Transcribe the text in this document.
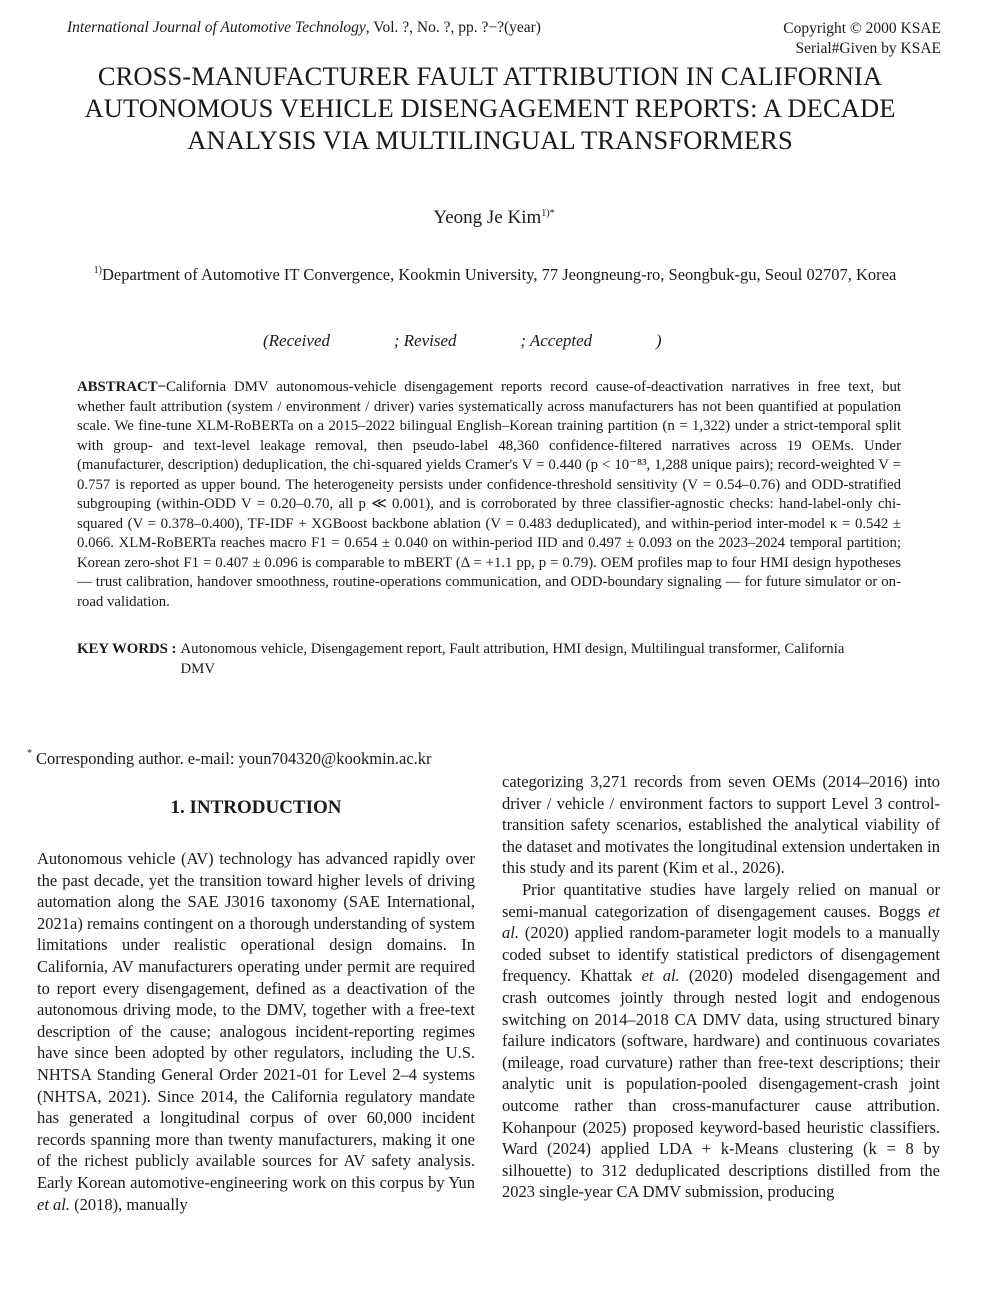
International Journal of Automotive Technology, Vol. ?, No. ?, pp. ?−?(year)	Copyright © 2000 KSAE
Serial#Given by KSAE
CROSS-MANUFACTURER FAULT ATTRIBUTION IN CALIFORNIA AUTONOMOUS VEHICLE DISENGAGEMENT REPORTS: A DECADE ANALYSIS VIA MULTILINGUAL TRANSFORMERS
Yeong Je Kim$^{1)*}$
$^{1)}$Department of Automotive IT Convergence, Kookmin University, 77 Jeongneung-ro, Seongbuk-gu, Seoul 02707, Korea
(Received               ; Revised               ; Accepted               )
ABSTRACT−California DMV autonomous-vehicle disengagement reports record cause-of-deactivation narratives in free text, but whether fault attribution (system / environment / driver) varies systematically across manufacturers has not been quantified at population scale. We fine-tune XLM-RoBERTa on a 2015–2022 bilingual English–Korean training partition (n = 1,322) under a strict-temporal split with group- and text-level leakage removal, then pseudo-label 48,360 confidence-filtered narratives across 19 OEMs. Under (manufacturer, description) deduplication, the chi-squared yields Cramer's V = 0.440 (p < 10⁻⁸³, 1,288 unique pairs); record-weighted V = 0.757 is reported as upper bound. The heterogeneity persists under confidence-threshold sensitivity (V = 0.54–0.76) and ODD-stratified subgrouping (within-ODD V = 0.20–0.70, all p ≪ 0.001), and is corroborated by three classifier-agnostic checks: hand-label-only chi-squared (V = 0.378–0.400), TF-IDF + XGBoost backbone ablation (V = 0.483 deduplicated), and within-period inter-model κ = 0.542 ± 0.066. XLM-RoBERTa reaches macro F1 = 0.654 ± 0.040 on within-period IID and 0.497 ± 0.093 on the 2023–2024 temporal partition; Korean zero-shot F1 = 0.407 ± 0.096 is comparable to mBERT (Δ = +1.1 pp, p = 0.79). OEM profiles map to four HMI design hypotheses — trust calibration, handover smoothness, routine-operations communication, and ODD-boundary signaling — for future simulator or on-road validation.
KEY WORDS : Autonomous vehicle, Disengagement report, Fault attribution, HMI design, Multilingual transformer, California DMV
* Corresponding author. e-mail: youn704320@kookmin.ac.kr
1. INTRODUCTION

Autonomous vehicle (AV) technology has advanced rapidly over the past decade, yet the transition toward higher levels of driving automation along the SAE J3016 taxonomy (SAE International, 2021a) remains contingent on a thorough understanding of system limitations under realistic operational design domains. In California, AV manufacturers operating under permit are required to report every disengagement, defined as a deactivation of the autonomous driving mode, to the DMV, together with a free-text description of the cause; analogous incident-reporting regimes have since been adopted by other regulators, including the U.S. NHTSA Standing General Order 2021-01 for Level 2–4 systems (NHTSA, 2021). Since 2014, the California regulatory mandate has generated a longitudinal corpus of over 60,000 incident records spanning more than twenty manufacturers, making it one of the richest publicly available sources for AV safety analysis. Early Korean automotive-engineering work on this corpus by Yun et al. (2018), manually

categorizing 3,271 records from seven OEMs (2014–2016) into driver / vehicle / environment factors to support Level 3 control-transition safety scenarios, established the analytical viability of the dataset and motivates the longitudinal extension undertaken in this study and its parent (Kim et al., 2026).

Prior quantitative studies have largely relied on manual or semi-manual categorization of disengagement causes. Boggs et al. (2020) applied random-parameter logit models to a manually coded subset to identify statistical predictors of disengagement frequency. Khattak et al. (2020) modeled disengagement and crash outcomes jointly through nested logit and endogenous switching on 2014–2018 CA DMV data, using structured binary failure indicators (software, hardware) and continuous covariates (mileage, road curvature) rather than free-text descriptions; their analytic unit is population-pooled disengagement-crash joint outcome rather than cross-manufacturer cause attribution. Kohanpour (2025) proposed keyword-based heuristic classifiers. Ward (2024) applied LDA + k-Means clustering (k = 8 by silhouette) to 312 deduplicated descriptions distilled from the 2023 single-year CA DMV submission, producing
